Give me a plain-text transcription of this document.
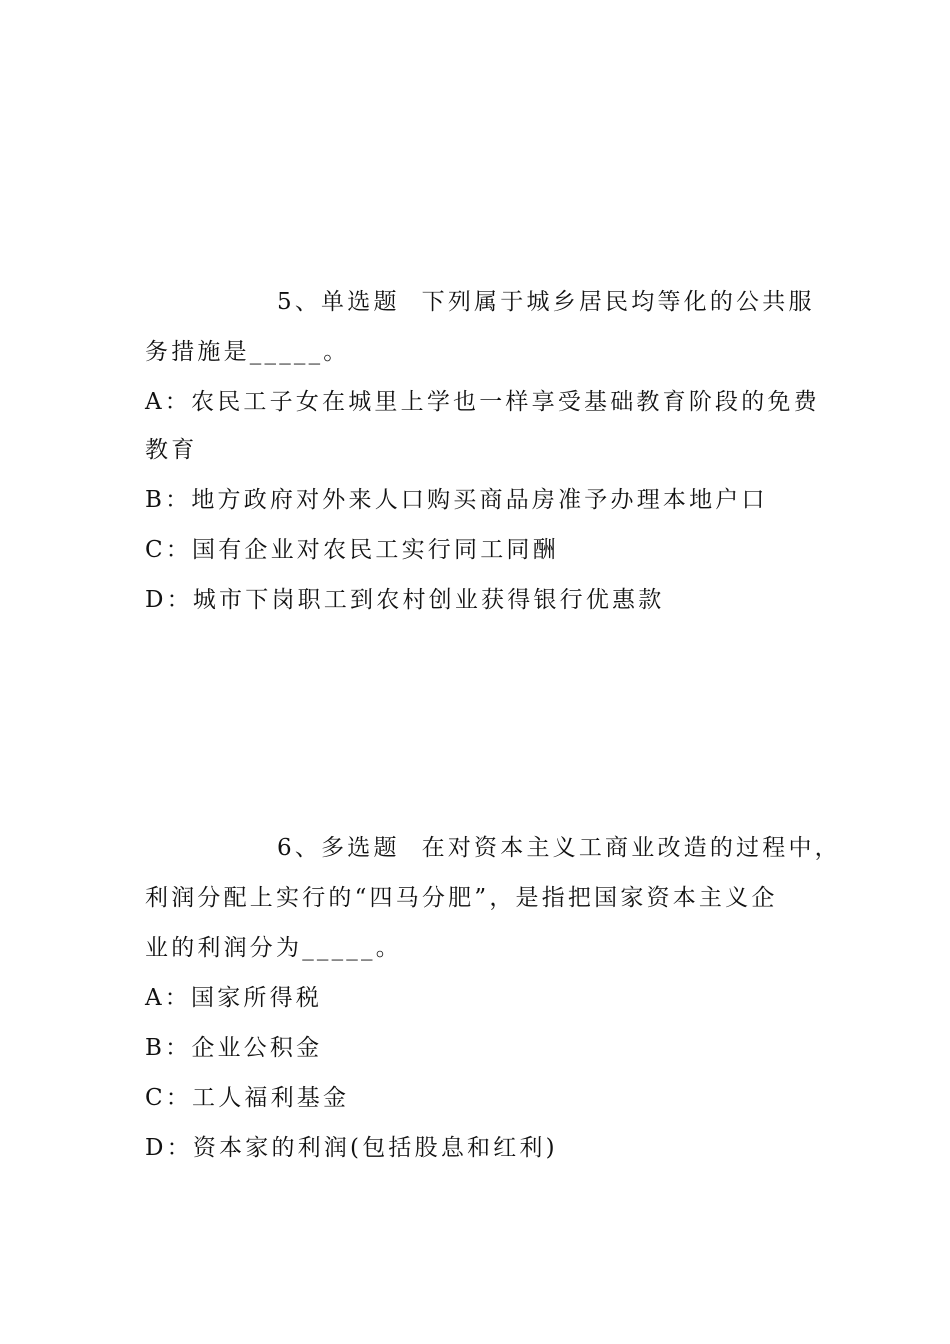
5、单选题 下列属于城乡居民均等化的公共服
务措施是_____。
A：农民工子女在城里上学也一样享受基础教育阶段的免费
教育
B：地方政府对外来人口购买商品房准予办理本地户口
C：国有企业对农民工实行同工同酬
D：城市下岗职工到农村创业获得银行优惠款
6、多选题 在对资本主义工商业改造的过程中，
利润分配上实行的“四马分肥”，是指把国家资本主义企
业的利润分为_____。
A：国家所得税
B：企业公积金
C：工人福利基金
D：资本家的利润(包括股息和红利)
